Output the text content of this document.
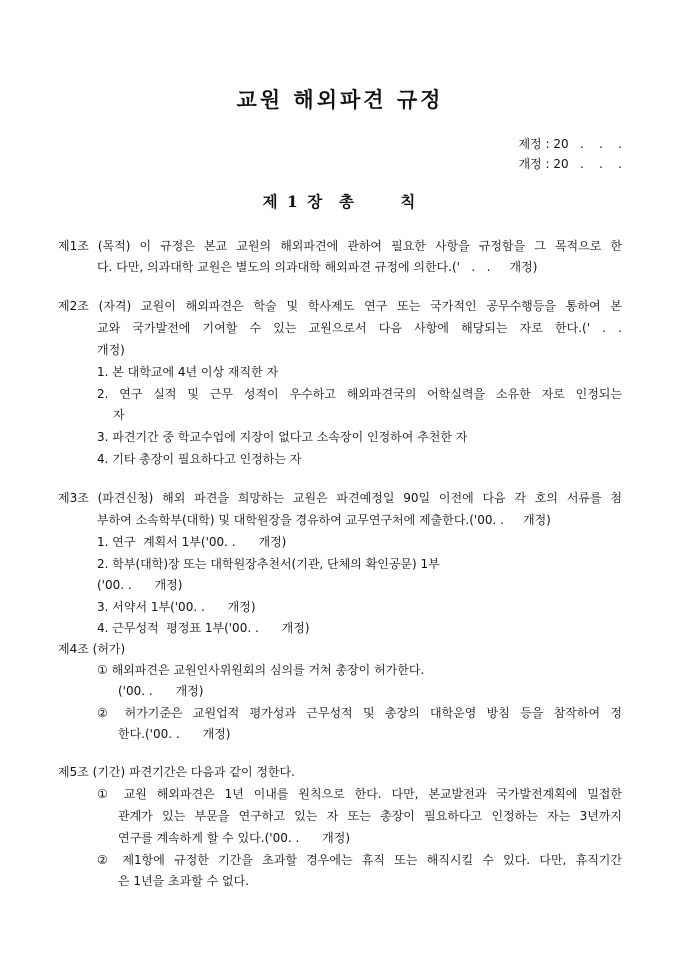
교원 해외파견 규정
제정 : 20   .    .    .
개정 : 20   .    .    .
제 1 장  총      칙
제1조 (목적) 이 규정은 본교 교원의 해외파견에 관하여 필요한 사항을 규정함을 그 목적으로 한
다. 다만, 의과대학 교원은 별도의 의과대학 해외파견 규정에 의한다.('   .   .     개정)
제2조 (자격) 교원이 해외파견은 학술 및 학사제도 연구 또는 국가적인 공무수행등을 통하여 본
교와 국가발전에 기여할 수 있는 교원으로서 다음 사항에 해당되는 자로 한다.(' . .
개정)
1. 본 대학교에 4년 이상 재직한 자
2. 연구 실적 및 근무 성적이 우수하고 해외파견국의 어학실력을 소유한 자로 인정되는
자
3. 파견기간 중 학교수업에 지장이 없다고 소속장이 인정하여 추천한 자
4. 기타 총장이 필요하다고 인정하는 자
제3조 (파견신청) 해외 파견을 희망하는 교원은 파견예정일 90일 이전에 다음 각 호의 서류를 첨
부하여 소속학부(대학) 및 대학원장을 경유하여 교무연구처에 제출한다.('00. .     개정)
1. 연구  계획서 1부('00. .      개정)
2. 학부(대학)장 또는 대학원장추천서(기관, 단체의 확인공문) 1부
('00. .      개정)
3. 서약서 1부('00. .      개정)
4. 근무성적  평정표 1부('00. .      개정)
제4조 (허가)
① 해외파견은 교원인사위원회의 심의를 거쳐 총장이 허가한다.
('00. .      개정)
② 허가기준은 교원업적 평가성과 근무성적 및 총장의 대학운영 방침 등을 참작하여 정
한다.('00. .      개정)
제5조 (기간) 파견기간은 다음과 같이 정한다.
① 교원 해외파견은 1년 이내를 원칙으로 한다. 다만, 본교발전과 국가발전계획에 밀접한
관계가 있는 부문을 연구하고 있는 자 또는 총장이 필요하다고 인정하는 자는 3년까지
연구를 계속하게 할 수 있다.('00. .      개정)
② 제1항에 규정한 기간을 초과할 경우에는 휴직 또는 해직시킬 수 있다. 다만, 휴직기간
은 1년을 초과할 수 없다.
